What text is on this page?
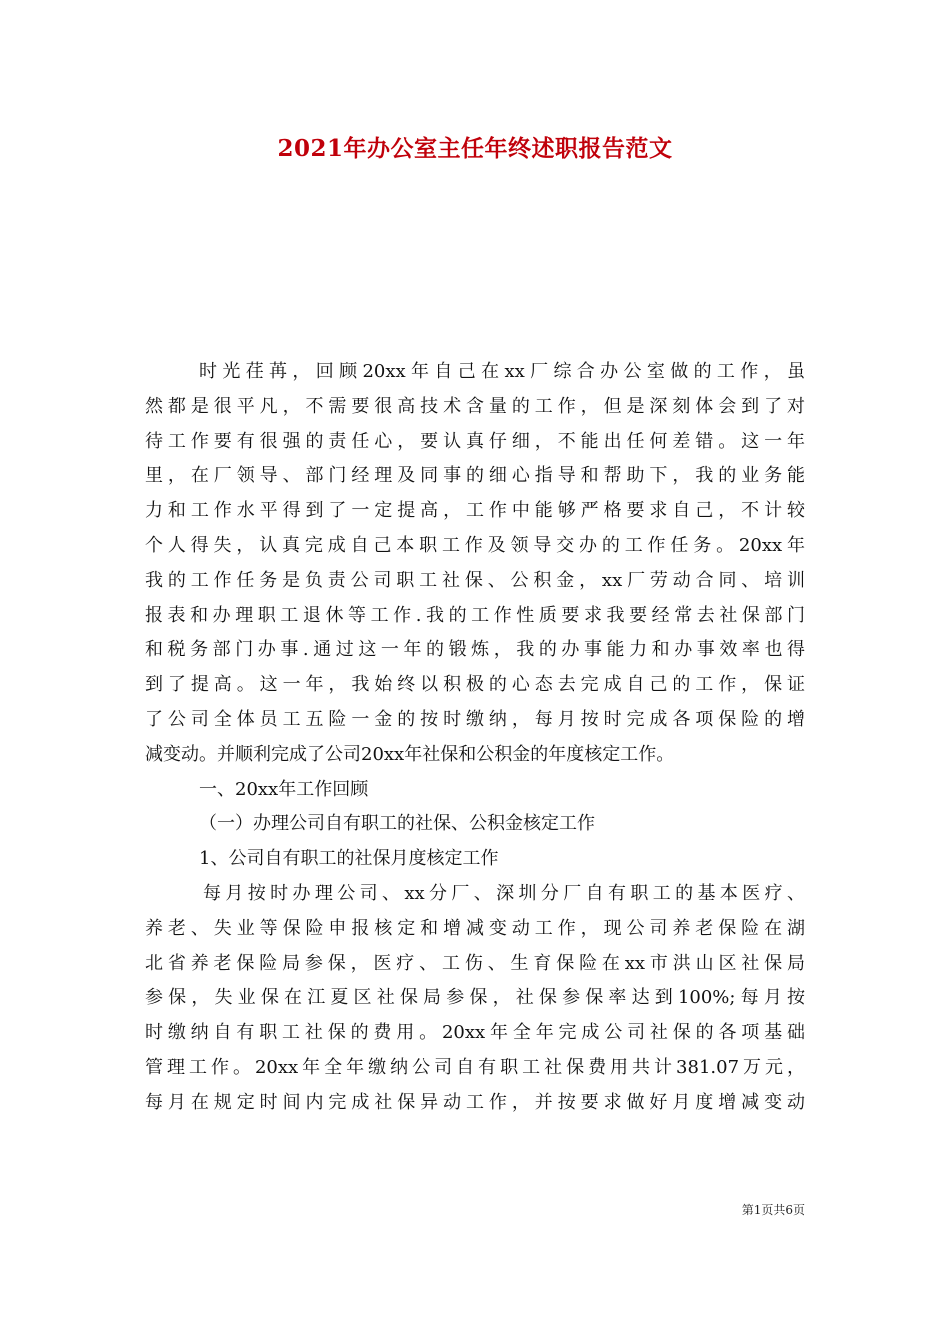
2021年办公室主任年终述职报告范文
时光荏苒，回顾20xx年自己在xx厂综合办公室做的工作，虽
然都是很平凡，不需要很高技术含量的工作，但是深刻体会到了对
待工作要有很强的责任心，要认真仔细，不能出任何差错。这一年
里，在厂领导、部门经理及同事的细心指导和帮助下，我的业务能
力和工作水平得到了一定提高，工作中能够严格要求自己，不计较
个人得失，认真完成自己本职工作及领导交办的工作任务。20xx年
我的工作任务是负责公司职工社保、公积金，xx厂劳动合同、培训
报表和办理职工退休等工作.我的工作性质要求我要经常去社保部门
和税务部门办事.通过这一年的锻炼，我的办事能力和办事效率也得
到了提高。这一年，我始终以积极的心态去完成自己的工作，保证
了公司全体员工五险一金的按时缴纳，每月按时完成各项保险的增
减变动。并顺利完成了公司20xx年社保和公积金的年度核定工作。
一、20xx年工作回顾
（一）办理公司自有职工的社保、公积金核定工作
1、公司自有职工的社保月度核定工作
每月按时办理公司、xx分厂、深圳分厂自有职工的基本医疗、
养老、失业等保险申报核定和增减变动工作，现公司养老保险在湖
北省养老保险局参保，医疗、工伤、生育保险在xx市洪山区社保局
参保，失业保在江夏区社保局参保，社保参保率达到100%;每月按
时缴纳自有职工社保的费用。20xx年全年完成公司社保的各项基础
管理工作。20xx年全年缴纳公司自有职工社保费用共计381.07万元，
每月在规定时间内完成社保异动工作，并按要求做好月度增减变动
第1页共6页
